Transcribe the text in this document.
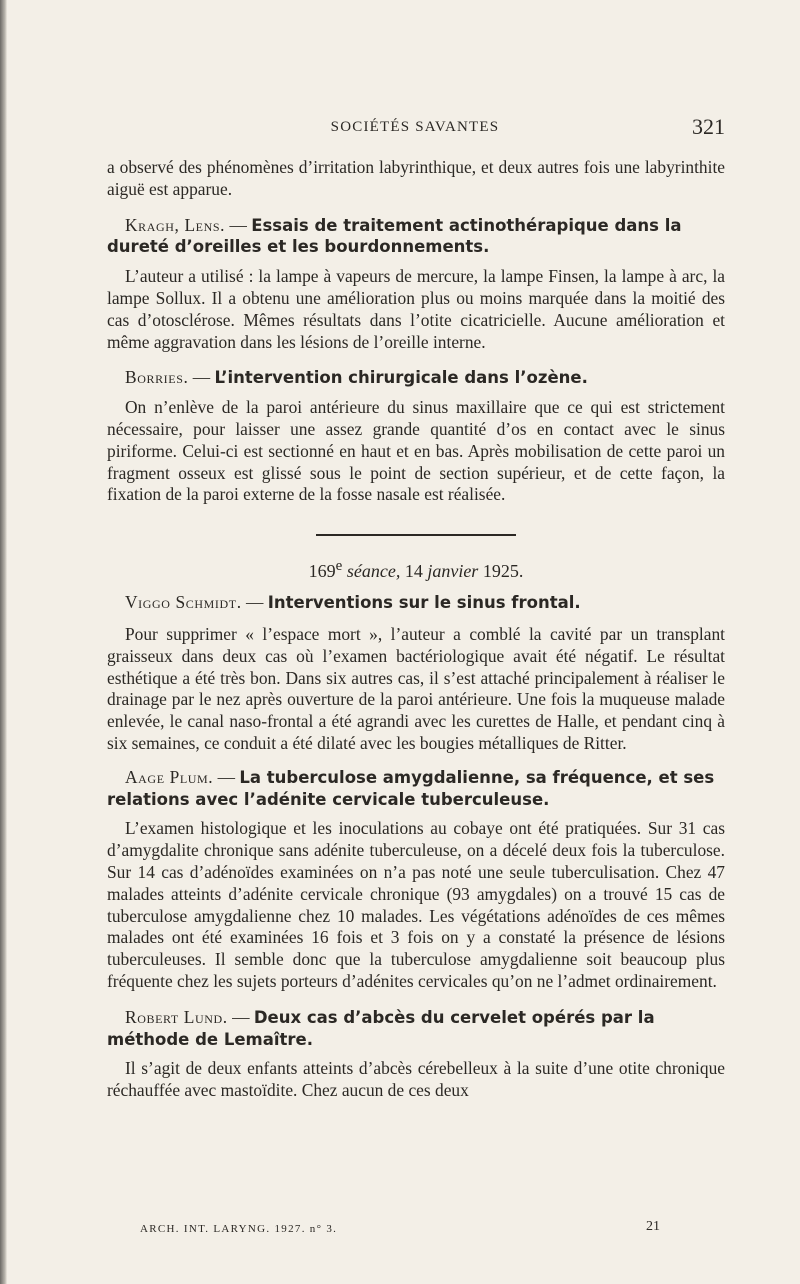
SOCIÉTÉS SAVANTES	321

a observé des phénomènes d’irritation labyrinthique, et deux autres fois une labyrinthite aiguë est apparue.

Kragh, Lens. — Essais de traitement actinothérapique dans la dureté d’oreilles et les bourdonnements.

L’auteur a utilisé : la lampe à vapeurs de mercure, la lampe Finsen, la lampe à arc, la lampe Sollux. Il a obtenu une amélioration plus ou moins marquée dans la moitié des cas d’otosclérose. Mêmes résultats dans l’otite cicatricielle. Aucune amélioration et même aggravation dans les lésions de l’oreille interne.

Borries. — L’intervention chirurgicale dans l’ozène.

On n’enlève de la paroi antérieure du sinus maxillaire que ce qui est strictement nécessaire, pour laisser une assez grande quantité d’os en contact avec le sinus piriforme. Celui-ci est sectionné en haut et en bas. Après mobilisation de cette paroi un fragment osseux est glissé sous le point de section supérieur, et de cette façon, la fixation de la paroi externe de la fosse nasale est réalisée.

169e séance, 14 janvier 1925.

Viggo Schmidt. — Interventions sur le sinus frontal.

Pour supprimer « l’espace mort », l’auteur a comblé la cavité par un transplant graisseux dans deux cas où l’examen bactériologique avait été négatif. Le résultat esthétique a été très bon. Dans six autres cas, il s’est attaché principalement à réaliser le drainage par le nez après ouverture de la paroi antérieure. Une fois la muqueuse malade enlevée, le canal naso-frontal a été agrandi avec les curettes de Halle, et pendant cinq à six semaines, ce conduit a été dilaté avec les bougies métalliques de Ritter.

Aage Plum. — La tuberculose amygdalienne, sa fréquence, et ses relations avec l’adénite cervicale tuberculeuse.

L’examen histologique et les inoculations au cobaye ont été pratiquées. Sur 31 cas d’amygdalite chronique sans adénite tuberculeuse, on a décelé deux fois la tuberculose. Sur 14 cas d’adénoïdes examinées on n’a pas noté une seule tuberculisation. Chez 47 malades atteints d’adénite cervicale chronique (93 amygdales) on a trouvé 15 cas de tuberculose amygdalienne chez 10 malades. Les végétations adénoïdes de ces mêmes malades ont été examinées 16 fois et 3 fois on y a constaté la présence de lésions tuberculeuses. Il semble donc que la tuberculose amygdalienne soit beaucoup plus fréquente chez les sujets porteurs d’adénites cervicales qu’on ne l’admet ordinairement.

Robert Lund. — Deux cas d’abcès du cervelet opérés par la méthode de Lemaître.

Il s’agit de deux enfants atteints d’abcès cérebelleux à la suite d’une otite chronique réchauffée avec mastoïdite. Chez aucun de ces deux

ARCH. INT. LARYNG. 1927. n° 3.	21
